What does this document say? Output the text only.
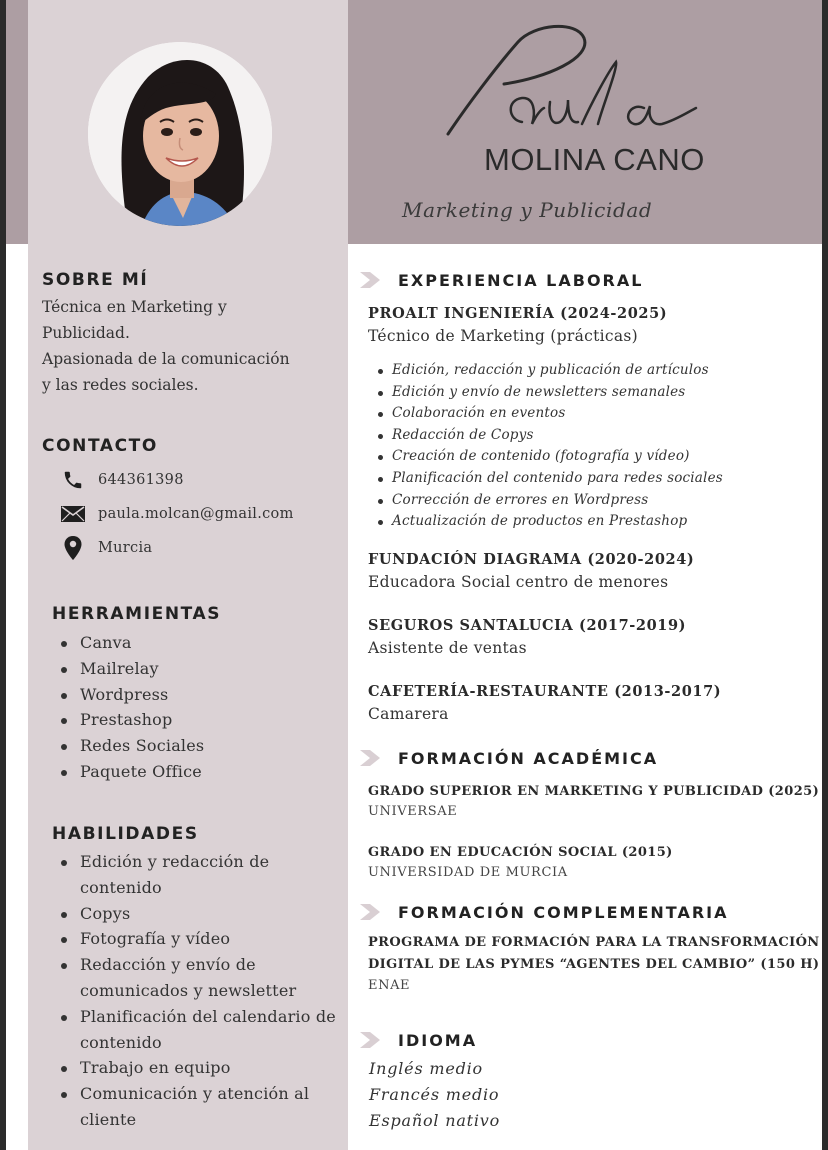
MOLINA CANO
Marketing y Publicidad
SOBRE MÍ
Técnica en Marketing y
Publicidad.
Apasionada de la comunicación
y las redes sociales.
CONTACTO
644361398
paula.molcan@gmail.com
Murcia
HERRAMIENTAS
Canva
Mailrelay
Wordpress
Prestashop
Redes Sociales
Paquete Office
HABILIDADES
Edición y redacción de contenido
Copys
Fotografía y vídeo
Redacción y envío de comunicados y newsletter
Planificación del calendario de contenido
Trabajo en equipo
Comunicación y atención al cliente
EXPERIENCIA LABORAL

PROALT INGENIERÍA (2024-2025)

Técnico de Marketing (prácticas)

Edición, redacción y publicación de artículos
Edición y envío de newsletters semanales
Colaboración en eventos
Redacción de Copys
Creación de contenido (fotografía y vídeo)
Planificación del contenido para redes sociales
Corrección de errores en Wordpress
Actualización de productos en Prestashop

FUNDACIÓN DIAGRAMA (2020-2024)

Educadora Social centro de menores

SEGUROS SANTALUCIA (2017-2019)

Asistente de ventas

CAFETERÍA-RESTAURANTE (2013-2017)

Camarera

FORMACIÓN ACADÉMICA

GRADO SUPERIOR EN MARKETING Y PUBLICIDAD (2025)

UNIVERSAE

GRADO EN EDUCACIÓN SOCIAL (2015)

UNIVERSIDAD DE MURCIA

FORMACIÓN COMPLEMENTARIA

PROGRAMA DE FORMACIÓN PARA LA TRANSFORMACIÓN

DIGITAL DE LAS PYMES “AGENTES DEL CAMBIO” (150 H)

ENAE

IDIOMA

Inglés medio

Francés medio

Español nativo
